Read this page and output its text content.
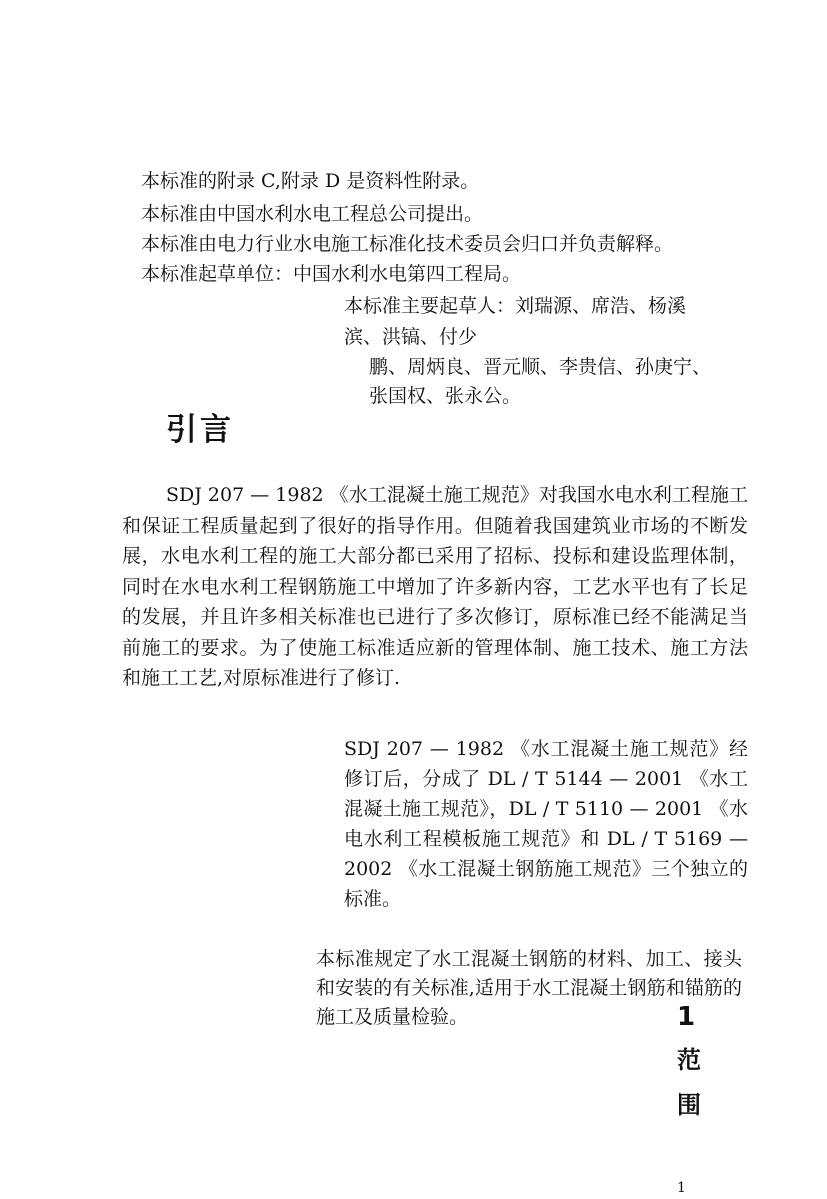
本标准的附录 C,附录 D 是资料性附录。
本标准由中国水利水电工程总公司提出。
本标准由电力行业水电施工标准化技术委员会归口并负责解释。
本标准起草单位：中国水利水电第四工程局。
本标准主要起草人：刘瑞源、席浩、杨溪
滨、洪镐、付少
鹏、周炳良、晋元顺、李贵信、孙庚宁、
张国权、张永公。
引言
SDJ 207 — 1982 《水工混凝土施工规范》对我国水电水利工程施工和保证工程质量起到了很好的指导作用。但随着我国建筑业市场的不断发展，水电水利工程的施工大部分都已采用了招标、投标和建设监理体制，同时在水电水利工程钢筋施工中增加了许多新内容，工艺水平也有了长足的发展，并且许多相关标准也已进行了多次修订，原标准已经不能满足当前施工的要求。为了使施工标准适应新的管理体制、施工技术、施工方法和施工工艺,对原标准进行了修订.
SDJ 207 — 1982 《水工混凝土施工规范》经修订后，分成了 DL / T 5144 — 2001 《水工混凝土施工规范》，DL / T 5110 — 2001 《水电水利工程模板施工规范》和 DL / T 5169 — 2002 《水工混凝土钢筋施工规范》三个独立的标准。
本标准规定了水工混凝土钢筋的材料、加工、接头和安装的有关标准,适用于水工混凝土钢筋和锚筋的施工及质量检验。	1
范
围
1
